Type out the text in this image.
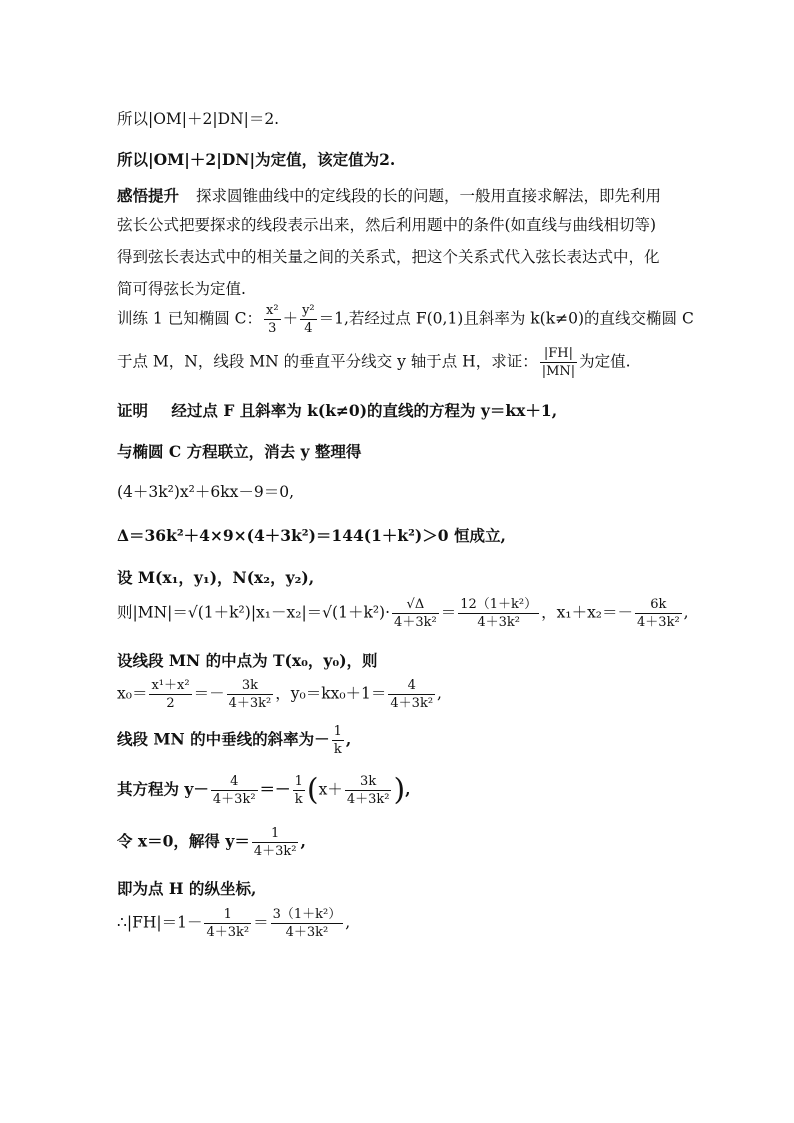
所以|OM|＋2|DN|＝2.
所以|OM|＋2|DN|为定值，该定值为2.
感悟提升 探求圆锥曲线中的定线段的长的问题，一般用直接求解法，即先利用
弦长公式把要探求的线段表示出来，然后利用题中的条件(如直线与曲线相切等)
得到弦长表达式中的相关量之间的关系式，把这个关系式代入弦长表达式中，化
简可得弦长为定值.
训练 1 已知椭圆 C： $\frac{\text{x²}}{3} + \frac{\text{y²}}{4} =1$,若经过点 F(0,1)且斜率为 k(k≠0)的直线交椭圆 C
于点 M，N，线段 MN 的垂直平分线交 y 轴于点 H，求证： $\frac{|FH|}{|MN|}$ 为定值.
证明 经过点 F 且斜率为 k(k≠0)的直线的方程为 y＝kx＋1,
与椭圆 C 方程联立，消去 y 整理得
(4＋3k²)x²＋6kx－9＝0,
Δ＝36k²＋4×9×(4＋3k²)＝144(1＋k²)＞0 恒成立,
设 M(x₁，y₁)，N(x₂，y₂),
则$|MN|=√(1+k^2)|x_1-x_2|=√(1+k^2)\cdot \frac{√\Delta}{\text{4＋3k²}} = \frac{\text{12（1＋k²）}}{\text{4＋3k²}}$ ，$x_1+x_2=- \frac{6k}{\text{4＋3k²}}$ ,
设线段 MN 的中点为 T(x₀，y₀)，则
$x_0= \frac{\text{x¹＋x²}}{2} =- \frac{3k}{\text{4＋3k²}}$ ，$y_0=kx_0+1= \frac{4}{\text{4＋3k²}}$ ,
线段 MN 的中垂线的斜率为－ $\frac{1}{k}$ ,
其方程为 $y- \frac{4}{\text{4＋3k²}} =- \frac{1}{k} (x+ \frac{3k}{\text{4＋3k²}}$ ),
令 x＝0，解得 $y= \frac{1}{\text{4＋3k²}}$ ,
即为点 H 的纵坐标,
∴|FH|＝1－ $\frac{1}{\text{4＋3k²}} = \frac{\text{3（1＋k²）}}{\text{4＋3k²}}$ ,
